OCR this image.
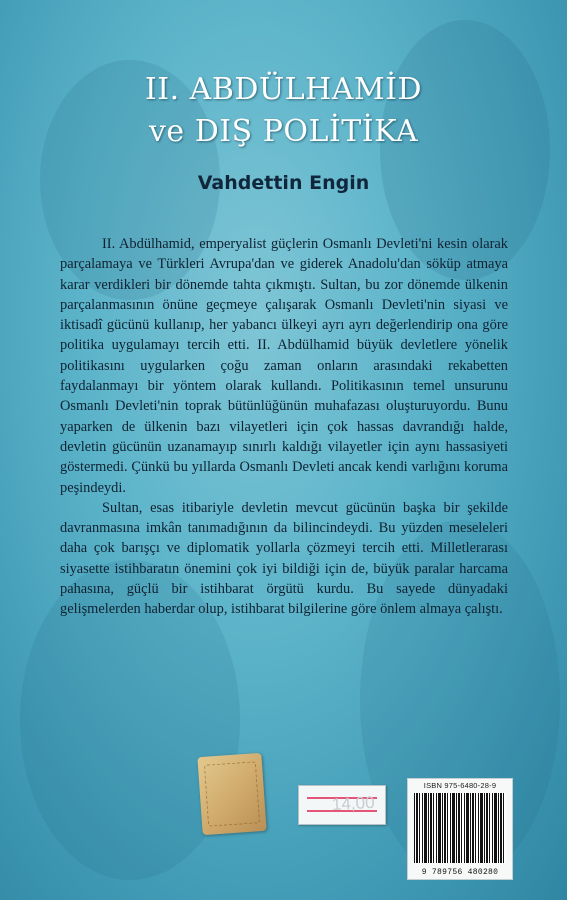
II. ABDÜLHAMİD
ve DIŞ POLİTİKA
Vahdettin Engin

II. Abdülhamid, emperyalist güçlerin Osmanlı Devleti'ni kesin olarak parçalamaya ve Türkleri Avrupa'dan ve giderek Anadolu'dan söküp atmaya karar verdikleri bir dönemde tahta çıkmıştı. Sultan, bu zor dönemde ülkenin parçalanmasının önüne geçmeye çalışarak Osmanlı Devleti'nin siyasi ve iktisadî gücünü kullanıp, her yabancı ülkeyi ayrı ayrı değerlendirip ona göre politika uygulamayı tercih etti. II. Abdülhamid büyük devletlere yönelik politikasını uygularken çoğu zaman onların arasındaki rekabetten faydalanmayı bir yöntem olarak kullandı. Politikasının temel unsurunu Osmanlı Devleti'nin toprak bütünlüğünün muhafazası oluşturuyordu. Bunu yaparken de ülkenin bazı vilayetleri için çok hassas davrandığı halde, devletin gücünün uzanamayıp sınırlı kaldığı vilayetler için aynı hassasiyeti göstermedi. Çünkü bu yıllarda Osmanlı Devleti ancak kendi varlığını koruma peşindeydi.

Sultan, esas itibariyle devletin mevcut gücünün başka bir şekilde davranmasına imkân tanımadığının da bilincindeydi. Bu yüzden meseleleri daha çok barışçı ve diplomatik yollarla çözmeyi tercih etti. Milletlerarası siyasette istihbaratın önemini çok iyi bildiği için de, büyük paralar harcama pahasına, güçlü bir istihbarat örgütü kurdu. Bu sayede dünyadaki gelişmelerden haberdar olup, istihbarat bilgilerine göre önlem almaya çalıştı.

14,00
ISBN 975-6480-28-9
9 789756 480280
